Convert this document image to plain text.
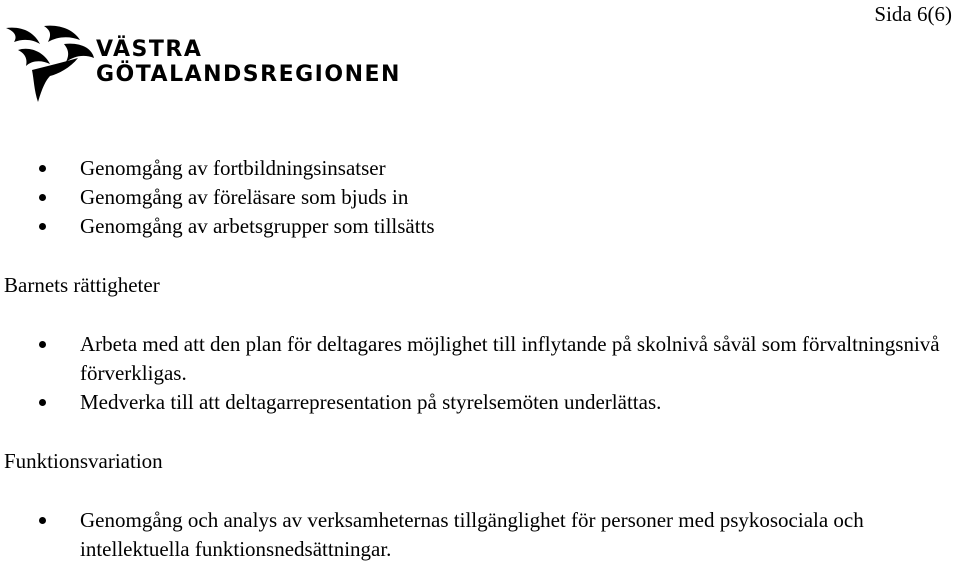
Sida 6(6)
VÄSTRA
GÖTALANDSREGIONEN
Genomgång av fortbildningsinsatser
Genomgång av föreläsare som bjuds in
Genomgång av arbetsgrupper som tillsätts
Barnets rättigheter
Arbeta med att den plan för deltagares möjlighet till inflytande på skolnivå såväl som förvaltningsnivå förverkligas.
Medverka till att deltagarrepresentation på styrelsemöten underlättas.
Funktionsvariation
Genomgång och analys av verksamheternas tillgänglighet för personer med psykosociala och intellektuella funktionsnedsättningar.
